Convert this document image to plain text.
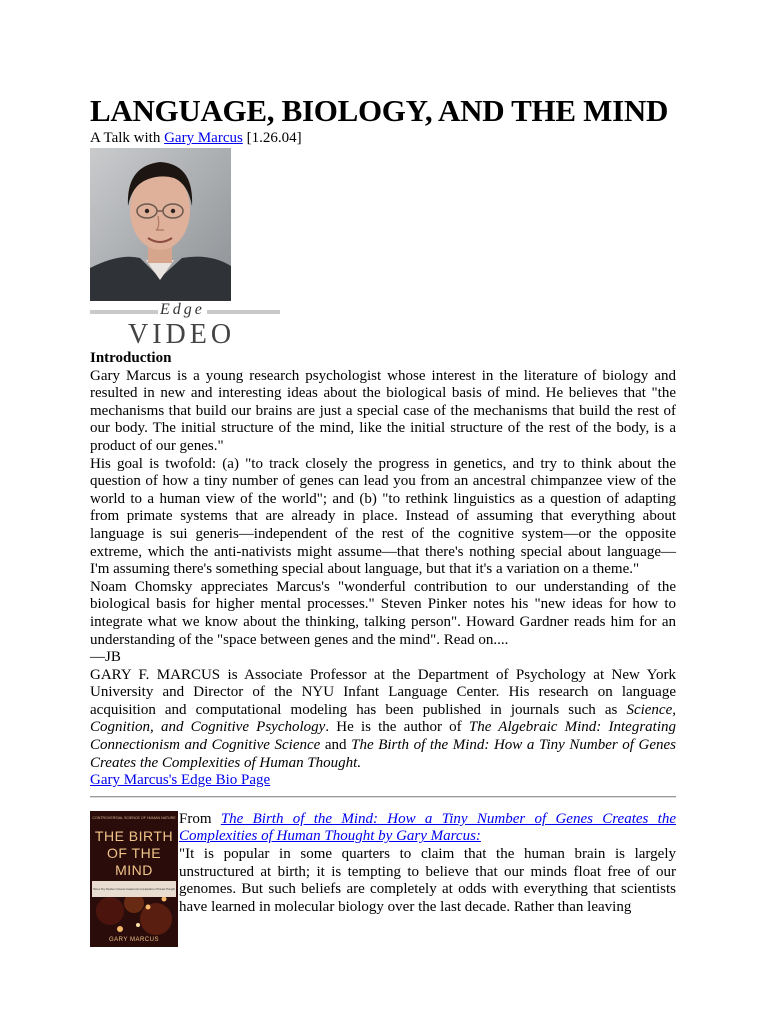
LANGUAGE, BIOLOGY, AND THE MIND
A Talk with Gary Marcus [1.26.04]
Edge
VIDEO
Introduction

Gary Marcus is a young research psychologist whose interest in the literature of biology and resulted in new and interesting ideas about the biological basis of mind. He believes that "the mechanisms that build our brains are just a special case of the mechanisms that build the rest of our body. The initial structure of the mind, like the initial structure of the rest of the body, is a product of our genes."

His goal is twofold: (a) "to track closely the progress in genetics, and try to think about the question of how a tiny number of genes can lead you from an ancestral chimpanzee view of the world to a human view of the world"; and (b) "to rethink linguistics as a question of adapting from primate systems that are already in place. Instead of assuming that everything about language is sui generis—independent of the rest of the cognitive system—or the opposite extreme, which the anti-nativists might assume—that there's nothing special about language—I'm assuming there's something special about language, but that it's a variation on a theme."

Noam Chomsky appreciates Marcus's "wonderful contribution to our understanding of the biological basis for higher mental processes." Steven Pinker notes his "new ideas for how to integrate what we know about the thinking, talking person". Howard Gardner reads him for an understanding of the "space between genes and the mind". Read on....

—JB

GARY F. MARCUS is Associate Professor at the Department of Psychology at New York University and Director of the NYU Infant Language Center. His research on language acquisition and computational modeling has been published in journals such as Science, Cognition, and Cognitive Psychology. He is the author of The Algebraic Mind: Integrating Connectionism and Cognitive Science and The Birth of the Mind: How a Tiny Number of Genes Creates the Complexities of Human Thought.

Gary Marcus's Edge Bio Page
CONTROVERSIAL SCIENCE OF HUMAN NATURE
THE BIRTH
OF THE
MIND
How a Tiny Number of Genes Creates the Complexities of Human Thought
GARY MARCUS

From The Birth of the Mind: How a Tiny Number of Genes Creates the Complexities of Human Thought by Gary Marcus:

"It is popular in some quarters to claim that the human brain is largely unstructured at birth; it is tempting to believe that our minds float free of our genomes. But such beliefs are completely at odds with everything that scientists have learned in molecular biology over the last decade. Rather than leaving
